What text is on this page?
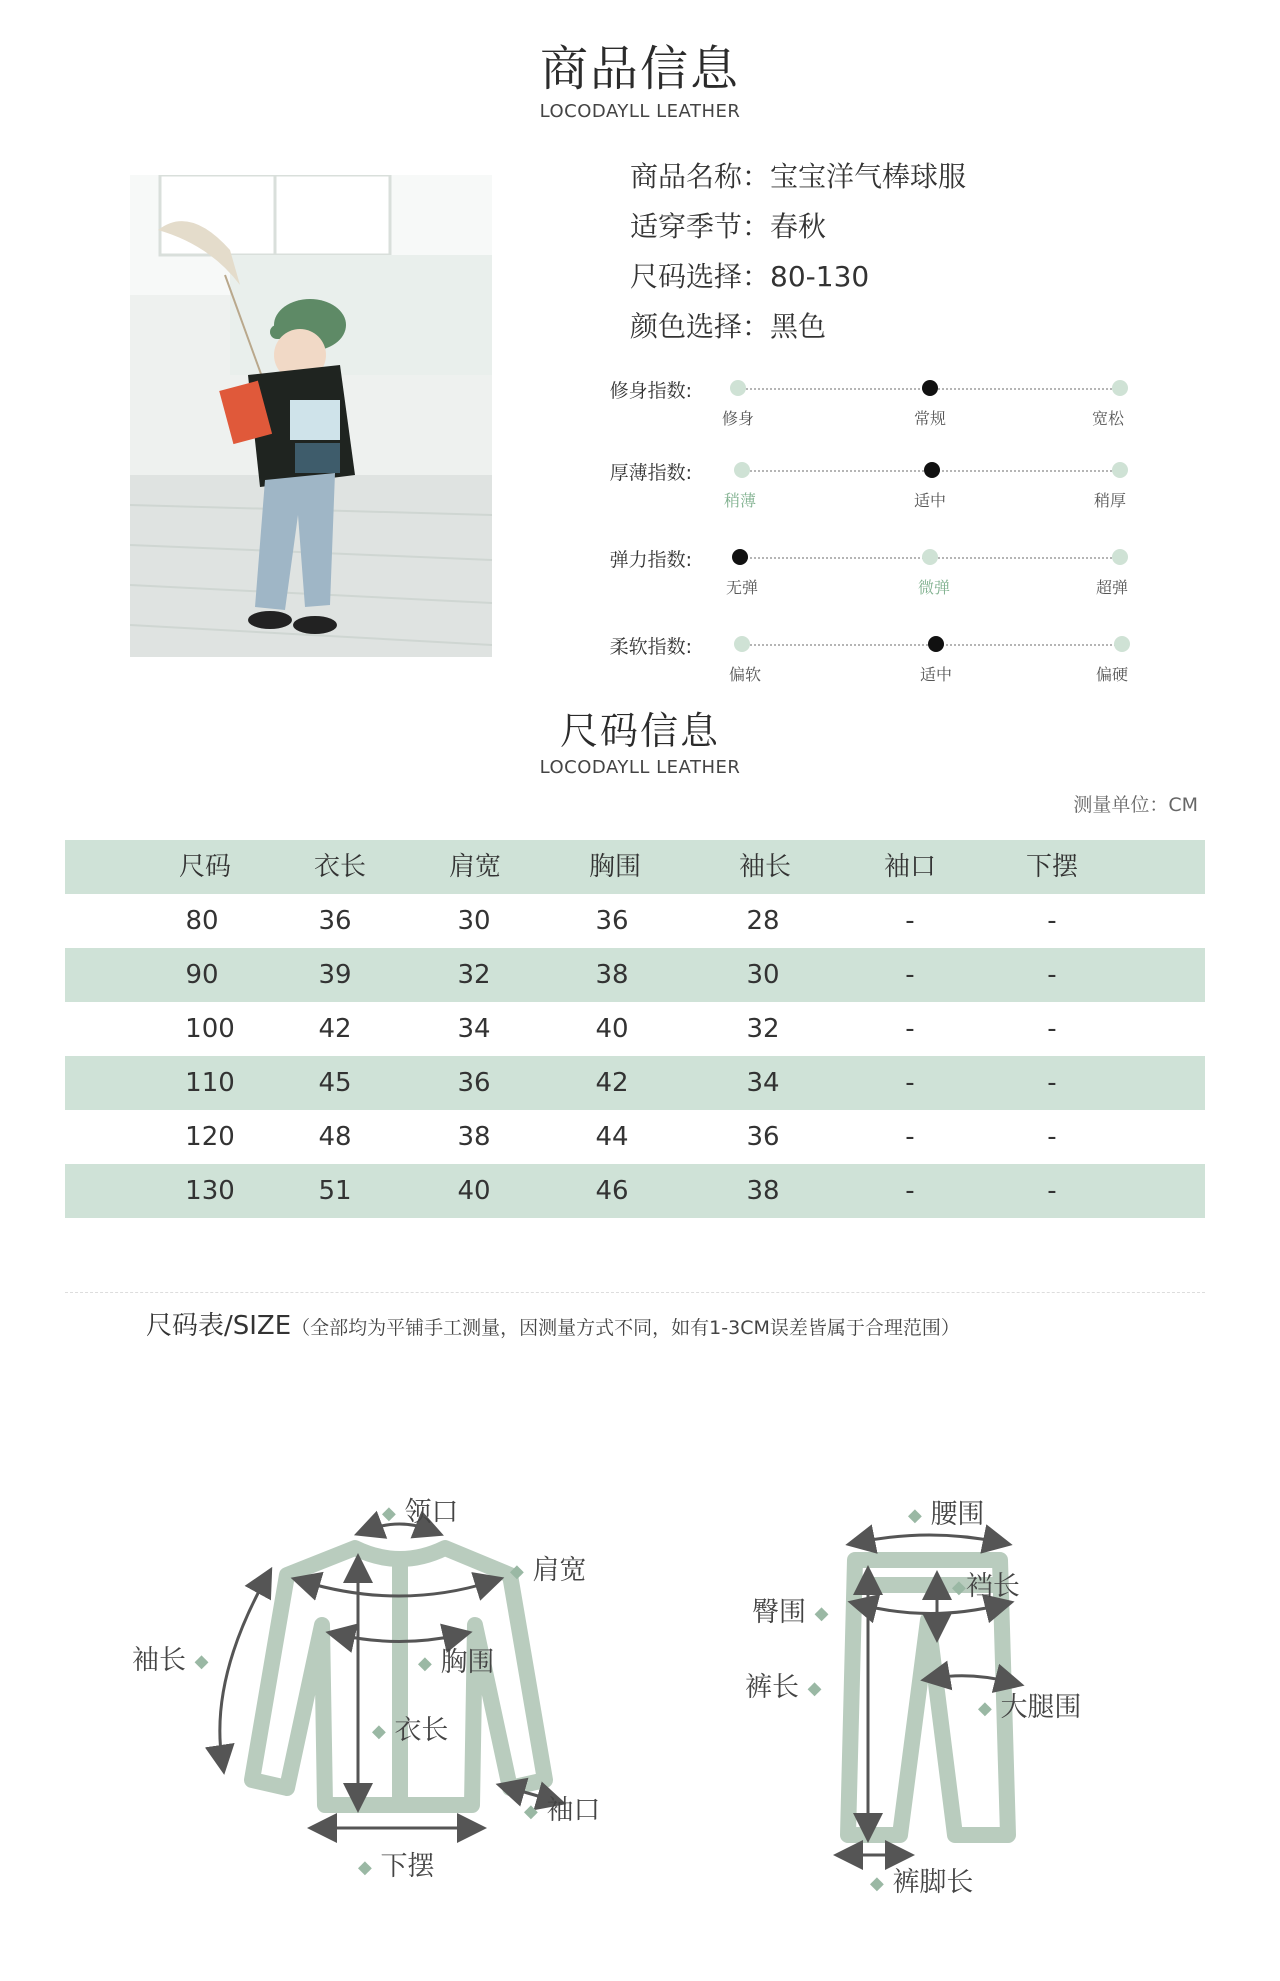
商品信息
LOCODAYLL LEATHER
商品名称：宝宝洋气棒球服
适穿季节：春秋
尺码选择：80-130
颜色选择：黑色
修身指数:
修身	常规	宽松
厚薄指数:
稍薄	适中	稍厚
弹力指数:
无弹	微弹	超弹
柔软指数:
偏软	适中	偏硬
尺码信息
LOCODAYLL LEATHER
测量单位：CM
尺码	衣长	肩宽	胸围	袖长	袖口	下摆
80	36	30	36	28	-	-
90	39	32	38	30	-	-
100	42	34	40	32	-	-
110	45	36	42	34	-	-
120	48	38	44	36	-	-
130	51	40	46	38	-	-
尺码表/SIZE（全部均为平铺手工测量，因测量方式不同，如有1-3CM误差皆属于合理范围）
◆ 领口
◆ 肩宽
袖长 ◆	◆ 胸围
◆ 衣长
◆ 袖口
◆ 下摆
◆ 腰围
◆裆长
臀围 ◆
裤长 ◆
◆ 大腿围
◆ 裤脚长
